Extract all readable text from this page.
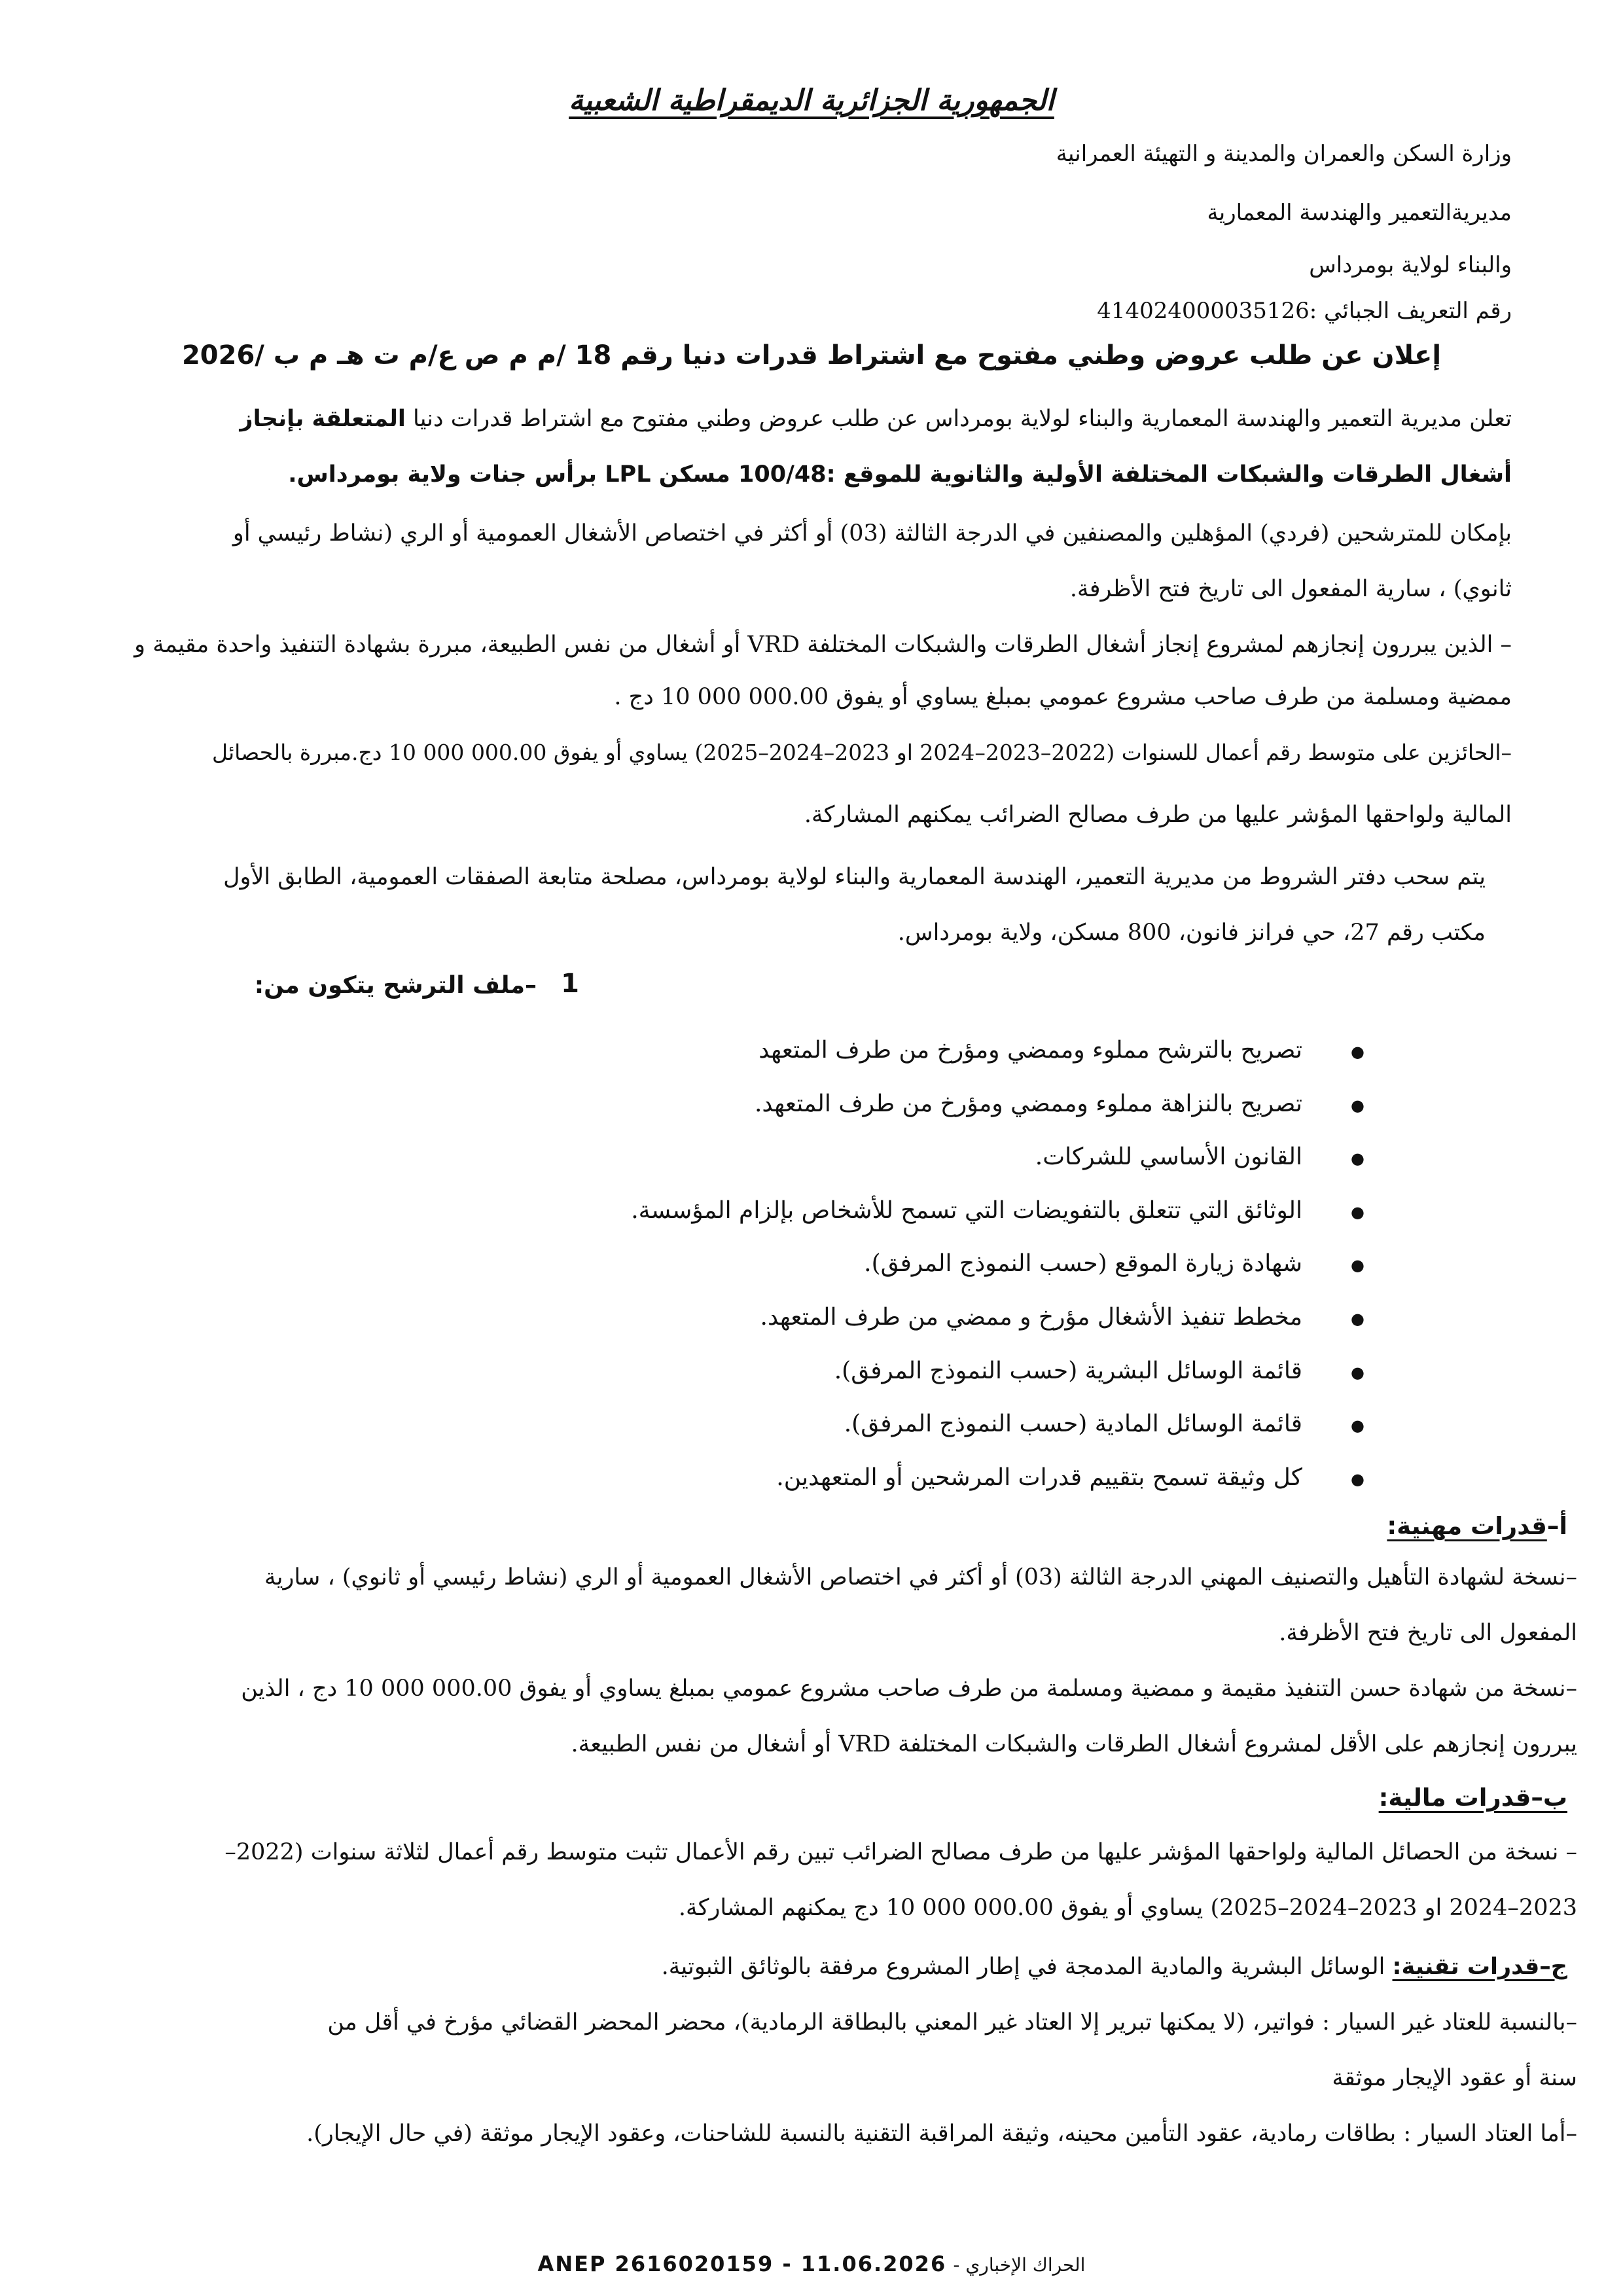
الجمهورية الجزائرية الديمقراطية الشعبية
وزارة السكن والعمران والمدينة و التهيئة العمرانية
مديريةالتعمير والهندسة المعمارية
والبناء لولاية بومرداس
رقم التعريف الجبائي :414024000035126
إعلان عن طلب عروض وطني مفتوح مع اشتراط قدرات دنيا رقم 18 /م م ص ع/م ت هـ م ب /2026
تعلن مديرية التعمير والهندسة المعمارية والبناء لولاية بومرداس عن طلب عروض وطني مفتوح مع اشتراط قدرات دنيا المتعلقة بإنجاز
أشغال الطرقات والشبكات المختلفة الأولية والثانوية للموقع :100/48 مسكن LPL برأس جنات ولاية بومرداس.
بإمكان للمترشحين (فردي) المؤهلين والمصنفين في الدرجة الثالثة (03) أو أكثر في اختصاص الأشغال العمومية أو الري (نشاط رئيسي أو
ثانوي) ، سارية المفعول الى تاريخ فتح الأظرفة.
– الذين يبررون إنجازهم لمشروع إنجاز أشغال الطرقات والشبكات المختلفة VRD أو أشغال من نفس الطبيعة، مبررة بشهادة التنفيذ واحدة مقيمة و
ممضية ومسلمة من طرف صاحب مشروع عمومي بمبلغ يساوي أو يفوق 000.00 000 10 دج .
–الحائزين على متوسط رقم أعمال للسنوات (2022–2023–2024 او 2023–2024–2025) يساوي أو يفوق 000.00 000 10 دج.مبررة بالحصائل
المالية ولواحقها المؤشر عليها من طرف مصالح الضرائب يمكنهم المشاركة.
يتم سحب دفتر الشروط من مديرية التعمير، الهندسة المعمارية والبناء لولاية بومرداس، مصلحة متابعة الصفقات العمومية، الطابق الأول
مكتب رقم 27، حي فرانز فانون، 800 مسكن، ولاية بومرداس.
1
–ملف الترشح يتكون من:
● تصريح بالترشح مملوء وممضي ومؤرخ من طرف المتعهد
● تصريح بالنزاهة مملوء وممضي ومؤرخ من طرف المتعهد.
● القانون الأساسي للشركات.
● الوثائق التي تتعلق بالتفويضات التي تسمح للأشخاص بإلزام المؤسسة.
● شهادة زيارة الموقع (حسب النموذج المرفق).
● مخطط تنفيذ الأشغال مؤرخ و ممضي من طرف المتعهد.
● قائمة الوسائل البشرية (حسب النموذج المرفق).
● قائمة الوسائل المادية (حسب النموذج المرفق).
● كل وثيقة تسمح بتقييم قدرات المرشحين أو المتعهدين.
أ–قدرات مهنية:
–نسخة لشهادة التأهيل والتصنيف المهني الدرجة الثالثة (03) أو أكثر في اختصاص الأشغال العمومية أو الري (نشاط رئيسي أو ثانوي) ، سارية
المفعول الى تاريخ فتح الأظرفة.
–نسخة من شهادة حسن التنفيذ مقيمة و ممضية ومسلمة من طرف صاحب مشروع عمومي بمبلغ يساوي أو يفوق 000.00 000 10 دج ، الذين
يبررون إنجازهم على الأقل لمشروع أشغال الطرقات والشبكات المختلفة VRD أو أشغال من نفس الطبيعة.
ب–قدرات مالية:
– نسخة من الحصائل المالية ولواحقها المؤشر عليها من طرف مصالح الضرائب تبين رقم الأعمال تثبت متوسط رقم أعمال لثلاثة سنوات (2022–
2023–2024 او 2023–2024–2025) يساوي أو يفوق 000.00 000 10 دج يمكنهم المشاركة.
ج–قدرات تقنية: الوسائل البشرية والمادية المدمجة في إطار المشروع مرفقة بالوثائق الثبوتية.
–بالنسبة للعتاد غير السيار : فواتير، (لا يمكنها تبرير إلا العتاد غير المعني بالبطاقة الرمادية)، محضر المحضر القضائي مؤرخ في أقل من
سنة أو عقود الإيجار موثقة
–أما العتاد السيار : بطاقات رمادية، عقود التأمين محينه، وثيقة المراقبة التقنية بالنسبة للشاحنات، وعقود الإيجار موثقة (في حال الإيجار).
ANEP 2616020159 - 11.06.2026 الحراك الإخباري -
